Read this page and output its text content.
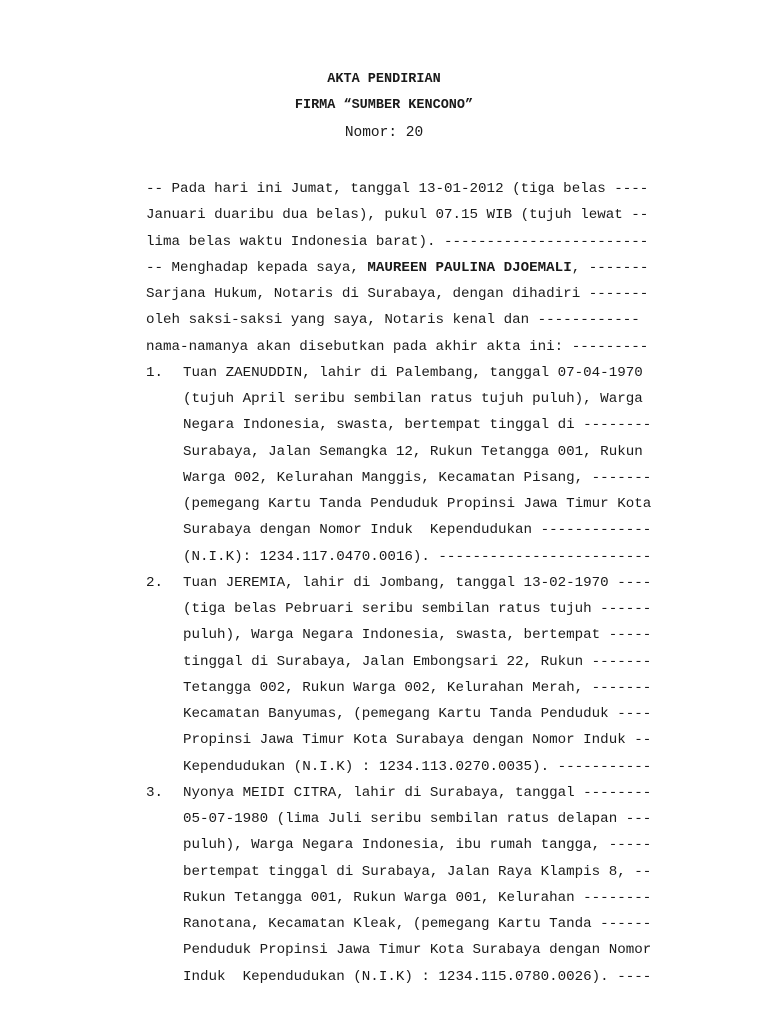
AKTA PENDIRIAN
FIRMA “SUMBER KENCONO”
Nomor: 20
-- Pada hari ini Jumat, tanggal 13-01-2012 (tiga belas ----
Januari duaribu dua belas), pukul 07.15 WIB (tujuh lewat --
lima belas waktu Indonesia barat). ------------------------
-- Menghadap kepada saya, MAUREEN PAULINA DJOEMALI, -------
Sarjana Hukum, Notaris di Surabaya, dengan dihadiri -------
oleh saksi-saksi yang saya, Notaris kenal dan ------------
nama-namanya akan disebutkan pada akhir akta ini: ---------
1. Tuan ZAENUDDIN, lahir di Palembang, tanggal 07-04-1970
(tujuh April seribu sembilan ratus tujuh puluh), Warga
Negara Indonesia, swasta, bertempat tinggal di --------
Surabaya, Jalan Semangka 12, Rukun Tetangga 001, Rukun
Warga 002, Kelurahan Manggis, Kecamatan Pisang, -------
(pemegang Kartu Tanda Penduduk Propinsi Jawa Timur Kota
Surabaya dengan Nomor Induk  Kependudukan -------------
(N.I.K): 1234.117.0470.0016). -------------------------
2. Tuan JEREMIA, lahir di Jombang, tanggal 13-02-1970 ----
(tiga belas Pebruari seribu sembilan ratus tujuh ------
puluh), Warga Negara Indonesia, swasta, bertempat -----
tinggal di Surabaya, Jalan Embongsari 22, Rukun -------
Tetangga 002, Rukun Warga 002, Kelurahan Merah, -------
Kecamatan Banyumas, (pemegang Kartu Tanda Penduduk ----
Propinsi Jawa Timur Kota Surabaya dengan Nomor Induk --
Kependudukan (N.I.K) : 1234.113.0270.0035). -----------
3. Nyonya MEIDI CITRA, lahir di Surabaya, tanggal --------
05-07-1980 (lima Juli seribu sembilan ratus delapan ---
puluh), Warga Negara Indonesia, ibu rumah tangga, -----
bertempat tinggal di Surabaya, Jalan Raya Klampis 8, --
Rukun Tetangga 001, Rukun Warga 001, Kelurahan --------
Ranotana, Kecamatan Kleak, (pemegang Kartu Tanda ------
Penduduk Propinsi Jawa Timur Kota Surabaya dengan Nomor
Induk  Kependudukan (N.I.K) : 1234.115.0780.0026). ----
